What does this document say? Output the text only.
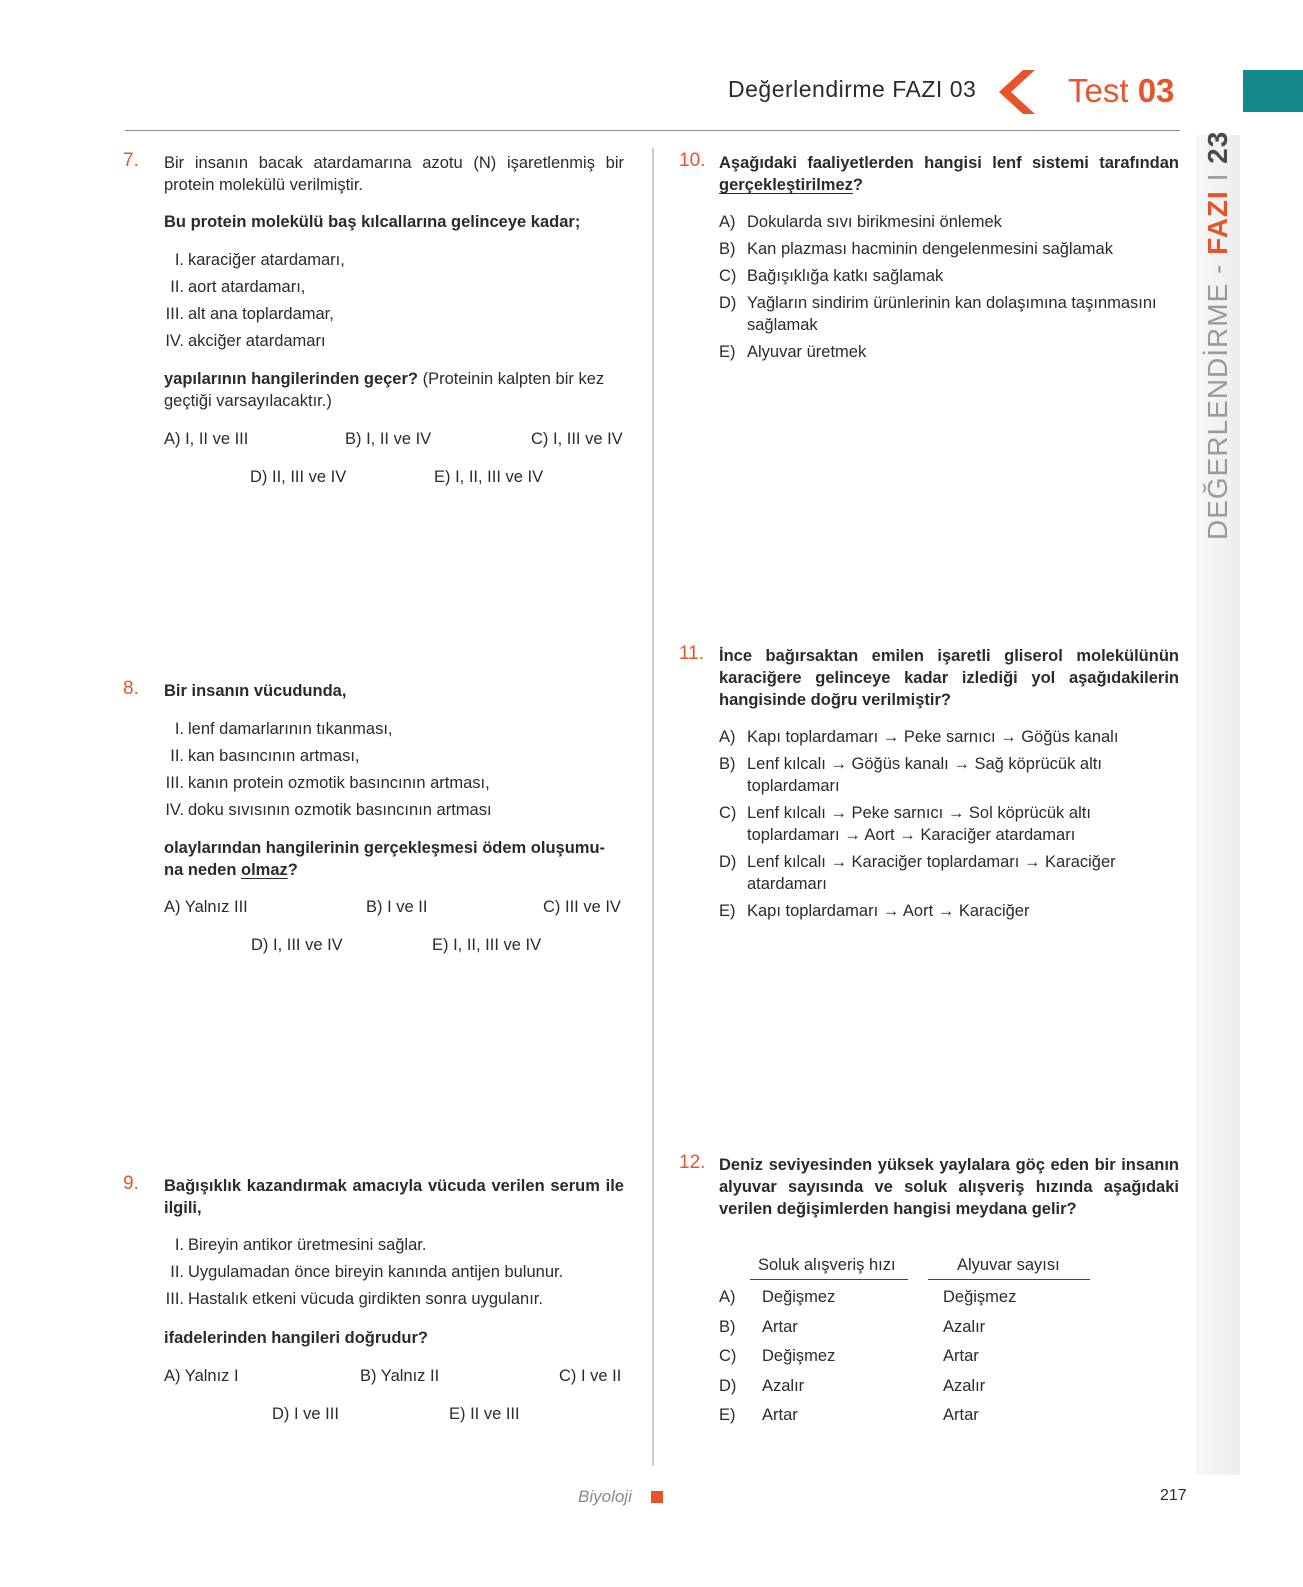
Değerlendirme FAZI 03	Test 03
DEĞERLENDİRME - FAZI I 23
7. Bir insanın bacak atardamarına azotu (N) işaretlenmiş bir protein molekülü verilmiştir.
Bu protein molekülü baş kılcallarına gelinceye kadar;
I. karaciğer atardamarı,
II. aort atardamarı,
III. alt ana toplardamar,
IV. akciğer atardamarı
yapılarının hangilerinden geçer? (Proteinin kalpten bir kez geçtiği varsayılacaktır.)
A) I, II ve III	B) I, II ve IV	C) I, III ve IV
D) II, III ve IV	E) I, II, III ve IV
8. Bir insanın vücudunda,
I. lenf damarlarının tıkanması,
II. kan basıncının artması,
III. kanın protein ozmotik basıncının artması,
IV. doku sıvısının ozmotik basıncının artması
olaylarından hangilerinin gerçekleşmesi ödem oluşumu-
na neden olmaz?
A) Yalnız III	B) I ve II	C) III ve IV
D) I, III ve IV	E) I, II, III ve IV
9. Bağışıklık kazandırmak amacıyla vücuda verilen serum ile ilgili,
I. Bireyin antikor üretmesini sağlar.
II. Uygulamadan önce bireyin kanında antijen bulunur.
III. Hastalık etkeni vücuda girdikten sonra uygulanır.
ifadelerinden hangileri doğrudur?
A) Yalnız I	B) Yalnız II	C) I ve II
D) I ve III	E) II ve III
10. Aşağıdaki faaliyetlerden hangisi lenf sistemi tarafından
gerçekleştirilmez?
A) Dokularda sıvı birikmesini önlemek
B) Kan plazması hacminin dengelenmesini sağlamak
C) Bağışıklığa katkı sağlamak
D) Yağların sindirim ürünlerinin kan dolaşımına taşınmasını sağlamak
E) Alyuvar üretmek
11. İnce bağırsaktan emilen işaretli gliserol molekülünün karaciğere gelinceye kadar izlediği yol aşağıdakilerin hangisinde doğru verilmiştir?
A) Kapı toplardamarı → Peke sarnıcı → Göğüs kanalı
B) Lenf kılcalı → Göğüs kanalı → Sağ köprücük altı toplardamarı
C) Lenf kılcalı → Peke sarnıcı → Sol köprücük altı toplardamarı → Aort → Karaciğer atardamarı
D) Lenf kılcalı → Karaciğer toplardamarı → Karaciğer atardamarı
E) Kapı toplardamarı → Aort → Karaciğer
12. Deniz seviyesinden yüksek yaylalara göç eden bir insanın alyuvar sayısında ve soluk alışveriş hızında aşağıdaki verilen değişimlerden hangisi meydana gelir?
Soluk alışveriş hızı	Alyuvar sayısı
A)	Değişmez	Değişmez
B)	Artar	Azalır
C)	Değişmez	Artar
D)	Azalır	Azalır
E)	Artar	Artar
Biyoloji	217
